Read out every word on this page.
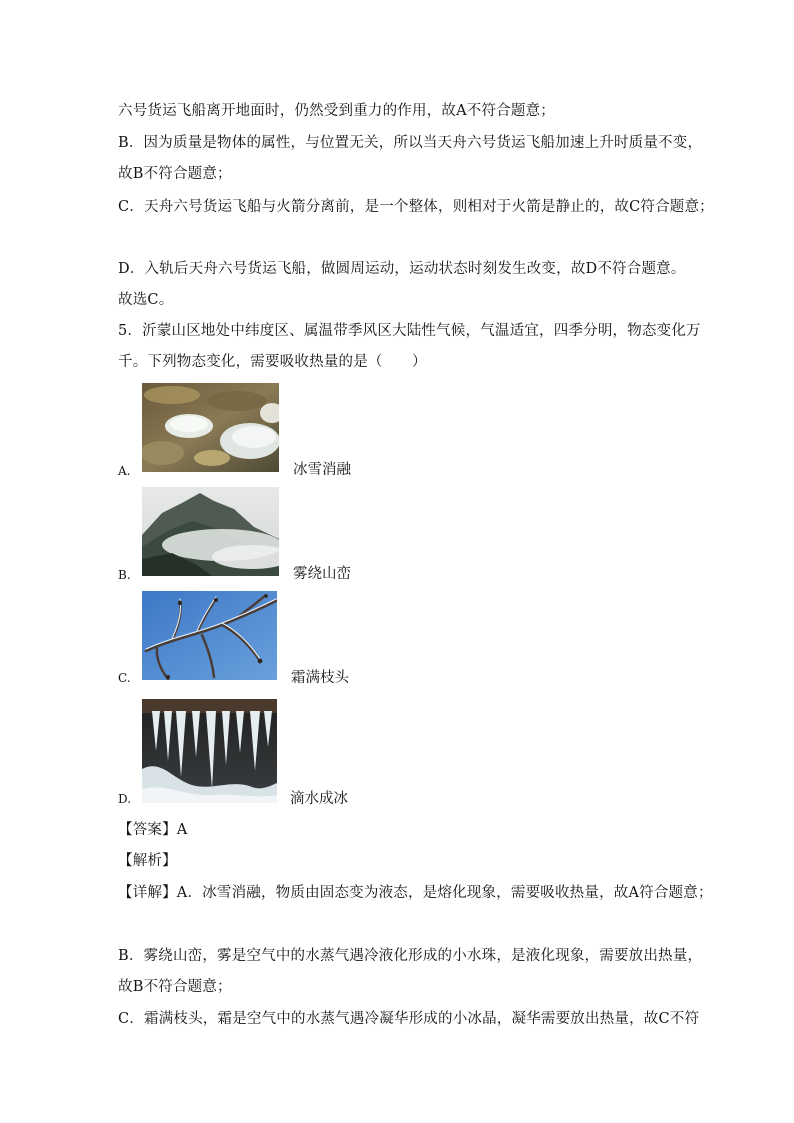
六号货运飞船离开地面时，仍然受到重力的作用，故A不符合题意；
B．因为质量是物体的属性，与位置无关，所以当天舟六号货运飞船加速上升时质量不变，
故B不符合题意；
C．天舟六号货运飞船与火箭分离前，是一个整体，则相对于火箭是静止的，故C符合题意；
D．入轨后天舟六号货运飞船，做圆周运动，运动状态时刻发生改变，故D不符合题意。
故选C。
5．沂蒙山区地处中纬度区、属温带季风区大陆性气候，气温适宜，四季分明，物态变化万
千。下列物态变化，需要吸收热量的是（　　）
A.	冰雪消融
B.	雾绕山峦
C.	霜满枝头
D.	滴水成冰
【答案】A
【解析】
【详解】A．冰雪消融，物质由固态变为液态，是熔化现象，需要吸收热量，故A符合题意；
B．雾绕山峦，雾是空气中的水蒸气遇冷液化形成的小水珠，是液化现象，需要放出热量，
故B不符合题意；
C．霜满枝头，霜是空气中的水蒸气遇冷凝华形成的小冰晶，凝华需要放出热量，故C不符
